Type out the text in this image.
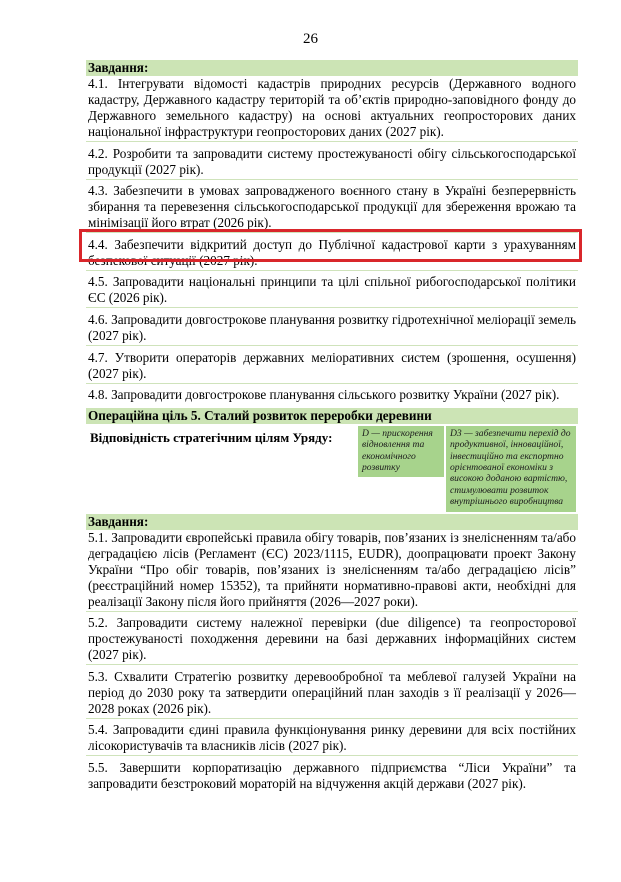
26
Завдання:
4.1. Інтегрувати відомості кадастрів природних ресурсів (Державного водного кадастру, Державного кадастру територій та об’єктів природно-заповідного фонду до Державного земельного кадастру) на основі актуальних геопросторових даних національної інфраструктури геопросторових даних (2027 рік).
4.2. Розробити та запровадити систему простежуваності обігу сільськогосподарської продукції (2027 рік).
4.3. Забезпечити в умовах запровадженого воєнного стану в Україні безперервність збирання та перевезення сільськогосподарської продукції для збереження врожаю та мінімізації його втрат (2026 рік).
4.4. Забезпечити відкритий доступ до Публічної кадастрової карти з урахуванням безпекової ситуації (2027 рік).
4.5. Запровадити національні принципи та цілі спільної рибогосподарської політики ЄС (2026 рік).
4.6. Запровадити довгострокове планування розвитку гідротехнічної меліорації земель (2027 рік).
4.7. Утворити операторів державних меліоративних систем (зрошення, осушення) (2027 рік).
4.8. Запровадити довгострокове планування сільського розвитку України (2027 рік).
Операційна ціль 5. Сталий розвиток переробки деревини
Відповідність стратегічним цілям Уряду:	D — прискорення відновлення та економічного розвитку
D3 — забезпечити перехід до продуктивної, інноваційної, інвестиційно та експортно орієнтованої економіки з високою доданою вартістю, стимулювати розвиток внутрішнього виробництва
Завдання:
5.1. Запровадити європейські правила обігу товарів, пов’язаних із знелісненням та/або деградацією лісів (Регламент (ЄС) 2023/1115, EUDR), доопрацювати проект Закону України “Про обіг товарів, пов’язаних із знелісненням та/або деградацією лісів” (реєстраційний номер 15352), та прийняти нормативно-правові акти, необхідні для реалізації Закону після його прийняття (2026—2027 роки).
5.2. Запровадити систему належної перевірки (due diligence) та геопросторової простежуваності походження деревини на базі державних інформаційних систем (2027 рік).
5.3. Схвалити Стратегію розвитку деревообробної та меблевої галузей України на період до 2030 року та затвердити операційний план заходів з її реалізації у 2026—2028 роках (2026 рік).
5.4. Запровадити єдині правила функціонування ринку деревини для всіх постійних лісокористувачів та власників лісів (2027 рік).
5.5. Завершити корпоратизацію державного підприємства “Ліси України” та запровадити безстроковий мораторій на відчуження акцій держави (2027 рік).
